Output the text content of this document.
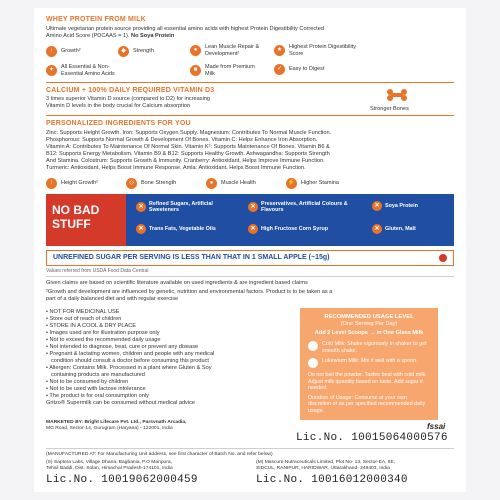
WHEY PROTEIN FROM MILK
Ultimate vegetarian protein source providing all essential amino acids with highest Protein Digestibility Corrected
Amino Acid Score (PDCAAS = 1). No Soya Protein
↑	Growth²	◆	Strength	●
Lean Muscle Repair & Development²
★
Highest Protein Digestibility Score
✦
All Essential & Non-Essential Amino Acids
■
Made from Premium Milk
✓	Easy to Digest
CALCIUM + 100% DAILY REQUIRED VITAMIN D3
3 times superior Vitamin D source (compared to D2) for increasing
Vitamin D levels in the body crucial for Calcium absorption	Stronger Bones
PERSONALIZED INGREDIENTS FOR YOU
Zinc: Supports Height Growth. Iron: Supports Oxygen Supply. Magnesium: Contributes To Normal Muscle Function.
Phosphorous: Supports Normal Growth & Development Of Bones. Vitamin C: Helps Enhance Iron Absorption.
Vitamin A: Contributes To Maintenance Of Normal Skin. Vitamin K²: Supports Maintenance Of Bones. Vitamin B6 &
B12: Supports Energy Metabolism. Vitamin B9 & B12: Supports Healthy Growth. Ashwagandha: Supports Strength
And Stamina. Colostrum: Supports Growth & Immunity. Cranberry: Antioxidant, Helps Improve Immune Function.
Turmeric: Antioxidant, Helps Boost Immune Response. Amla: Antioxidant, Helps Boost Immune Function.
↑	Height Growth²	◇	Bone Strength	●	Muscle Health	⚡	Higher Stamina
NO BAD
STUFF
✕
Refined Sugars, Artificial Sweeteners
✕
Preservatives, Artificial Colours & Flavours
✕	Soya Protein
✕	Trans Fats, Vegetable Oils	✕	High Fructose Corn Syrup	✕	Gluten, Malt
UNREFINED SUGAR PER SERVING IS LESS THAN THAT IN 1 SMALL APPLE (~15g)
Values referred from USDA Food Data Central
Given claims are based on scientific literature available on used ingredients & are ingredient based claims
²Growth and development are influenced by genetic, nutrition and environmental factors. Product is to be taken as a
part of a daily balanced diet and with regular exercise
• NOT FOR MEDICINAL USE
• Store out of reach of children
• STORE IN A COOL & DRY PLACE
• Images used are for illustration purpose only
• Not to exceed the recommended daily usage
• Not intended to diagnose, treat, cure or prevent any disease
• Pregnant & lactating women, children and people with any medical
condition should consult a doctor before consuming this product
• Allergen: Contains Milk. Processed in a plant where Gluten & Soy
containing products are manufactured
• Not to be consumed by children
• Not to be used with lactose intolerance
• The product is for oral consumption only
Gritzo® Supermilk can be consumed without medical advice
RECOMMENDED USAGE LEVEL
(One Serving Per Day)
Add 2 Level Scoops → in One Glass Milk
Cold Milk: Shake vigorously in shaker to get smooth shake.
Lukewarm Milk: Mix it well with a spoon.
Do not boil the powder. Tastes best with cold milk. Adjust milk quantity based on taste. Add sugar if needed.
Duration of Usage: Consume at your own discretion or as per specified recommended daily usage.
fssai
MARKETED BY: Bright Lifecare Pvt. Ltd., Parsvnath Arcadia,
MG Road, Sector-14, Gurugram (Haryana) - 122001, India
Lic.No. 10015064000576
(MANUFACTURED AT: For Manufacturing Unit address, see first character of Batch No. and refer below)
(S) Saptera Labs, Village Dhana, Bagbania, P.O Manpura,
Tehsil Baddi, Dist. Solan, Himachal Pradesh-174101, India
Lic.No. 10019062000459
(M) Mascure Nutraceuticals Limited, Plot No- 13, Sector-EA, IIE,
SIDCUL, RANIPUR, HARIDWAR, Uttarakhand- 249403, India
Lic.No. 10016012000340
